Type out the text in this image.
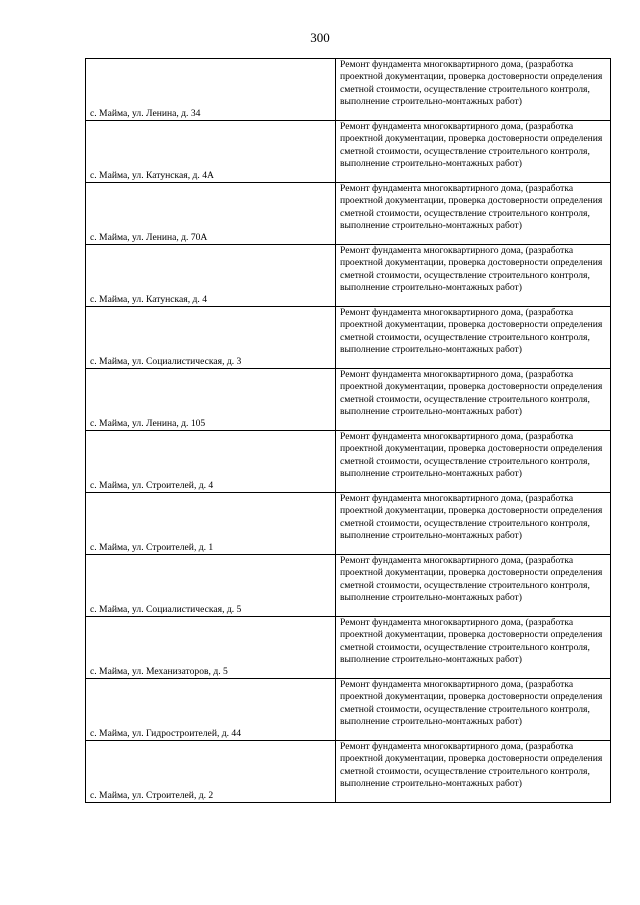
300
с. Майма, ул. Ленина, д. 34	Ремонт фундамента многоквартирного дома, (разработка проектной документации, проверка достоверности определения сметной стоимости, осуществление строительного контроля, выполнение строительно-монтажных работ)
с. Майма, ул. Катунская, д. 4А	Ремонт фундамента многоквартирного дома, (разработка проектной документации, проверка достоверности определения сметной стоимости, осуществление строительного контроля, выполнение строительно-монтажных работ)
с. Майма, ул. Ленина, д. 70А	Ремонт фундамента многоквартирного дома, (разработка проектной документации, проверка достоверности определения сметной стоимости, осуществление строительного контроля, выполнение строительно-монтажных работ)
с. Майма, ул. Катунская, д. 4	Ремонт фундамента многоквартирного дома, (разработка проектной документации, проверка достоверности определения сметной стоимости, осуществление строительного контроля, выполнение строительно-монтажных работ)
с. Майма, ул. Социалистическая, д. 3	Ремонт фундамента многоквартирного дома, (разработка проектной документации, проверка достоверности определения сметной стоимости, осуществление строительного контроля, выполнение строительно-монтажных работ)
с. Майма, ул. Ленина, д. 105	Ремонт фундамента многоквартирного дома, (разработка проектной документации, проверка достоверности определения сметной стоимости, осуществление строительного контроля, выполнение строительно-монтажных работ)
с. Майма, ул. Строителей, д. 4	Ремонт фундамента многоквартирного дома, (разработка проектной документации, проверка достоверности определения сметной стоимости, осуществление строительного контроля, выполнение строительно-монтажных работ)
с. Майма, ул. Строителей, д. 1	Ремонт фундамента многоквартирного дома, (разработка проектной документации, проверка достоверности определения сметной стоимости, осуществление строительного контроля, выполнение строительно-монтажных работ)
с. Майма, ул. Социалистическая, д. 5	Ремонт фундамента многоквартирного дома, (разработка проектной документации, проверка достоверности определения сметной стоимости, осуществление строительного контроля, выполнение строительно-монтажных работ)
с. Майма, ул. Механизаторов, д. 5	Ремонт фундамента многоквартирного дома, (разработка проектной документации, проверка достоверности определения сметной стоимости, осуществление строительного контроля, выполнение строительно-монтажных работ)
с. Майма, ул. Гидростроителей, д. 44	Ремонт фундамента многоквартирного дома, (разработка проектной документации, проверка достоверности определения сметной стоимости, осуществление строительного контроля, выполнение строительно-монтажных работ)
с. Майма, ул. Строителей, д. 2	Ремонт фундамента многоквартирного дома, (разработка проектной документации, проверка достоверности определения сметной стоимости, осуществление строительного контроля, выполнение строительно-монтажных работ)
